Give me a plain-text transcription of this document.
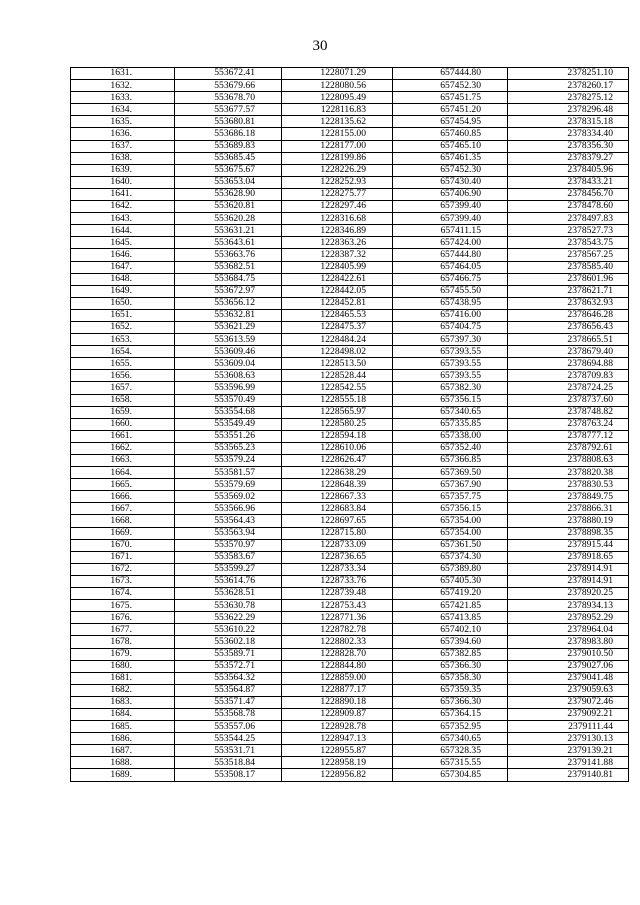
30
1631.	553672.41	1228071.29	657444.80	2378251.10
1632.	553679.66	1228080.56	657452.30	2378260.17
1633.	553678.70	1228095.49	657451.75	2378275.12
1634.	553677.57	1228116.83	657451.20	2378296.48
1635.	553680.81	1228135.62	657454.95	2378315.18
1636.	553686.18	1228155.00	657460.85	2378334.40
1637.	553689.83	1228177.00	657465.10	2378356.30
1638.	553685.45	1228199.86	657461.35	2378379.27
1639.	553675.67	1228226.29	657452.30	2378405.96
1640.	553653.04	1228252.93	657430.40	2378433.21
1641.	553628.90	1228275.77	657406.90	2378456.70
1642.	553620.81	1228297.46	657399.40	2378478.60
1643.	553620.28	1228316.68	657399.40	2378497.83
1644.	553631.21	1228346.89	657411.15	2378527.73
1645.	553643.61	1228363.26	657424.00	2378543.75
1646.	553663.76	1228387.32	657444.80	2378567.25
1647.	553682.51	1228405.99	657464.05	2378585.40
1648.	553684.75	1228422.61	657466.75	2378601.96
1649.	553672.97	1228442.05	657455.50	2378621.71
1650.	553656.12	1228452.81	657438.95	2378632.93
1651.	553632.81	1228465.53	657416.00	2378646.28
1652.	553621.29	1228475.37	657404.75	2378656.43
1653.	553613.59	1228484.24	657397.30	2378665.51
1654.	553609.46	1228498.02	657393.55	2378679.40
1655.	553609.04	1228513.50	657393.55	2378694.88
1656.	553608.63	1228528.44	657393.55	2378709.83
1657.	553596.99	1228542.55	657382.30	2378724.25
1658.	553570.49	1228555.18	657356.15	2378737.60
1659.	553554.68	1228565.97	657340.65	2378748.82
1660.	553549.49	1228580.25	657335.85	2378763.24
1661.	553551.26	1228594.18	657338.00	2378777.12
1662.	553565.23	1228610.06	657352.40	2378792.61
1663.	553579.24	1228626.47	657366.85	2378808.63
1664.	553581.57	1228638.29	657369.50	2378820.38
1665.	553579.69	1228648.39	657367.90	2378830.53
1666.	553569.02	1228667.33	657357.75	2378849.75
1667.	553566.96	1228683.84	657356.15	2378866.31
1668.	553564.43	1228697.65	657354.00	2378880.19
1669.	553563.94	1228715.80	657354.00	2378898.35
1670.	553570.97	1228733.09	657361.50	2378915.44
1671.	553583.67	1228736.65	657374.30	2378918.65
1672.	553599.27	1228733.34	657389.80	2378914.91
1673.	553614.76	1228733.76	657405.30	2378914.91
1674.	553628.51	1228739.48	657419.20	2378920.25
1675.	553630.78	1228753.43	657421.85	2378934.13
1676.	553622.29	1228771.36	657413.85	2378952.29
1677.	553610.22	1228782.78	657402.10	2378964.04
1678.	553602.18	1228802.33	657394.60	2378983.80
1679.	553589.71	1228828.70	657382.85	2379010.50
1680.	553572.71	1228844.80	657366.30	2379027.06
1681.	553564.32	1228859.00	657358.30	2379041.48
1682.	553564.87	1228877.17	657359.35	2379059.63
1683.	553571.47	1228890.18	657366.30	2379072.46
1684.	553568.78	1228909.87	657364.15	2379092.21
1685.	553557.06	1228928.78	657352.95	2379111.44
1686.	553544.25	1228947.13	657340.65	2379130.13
1687.	553531.71	1228955.87	657328.35	2379139.21
1688.	553518.84	1228958.19	657315.55	2379141.88
1689.	553508.17	1228956.82	657304.85	2379140.81
